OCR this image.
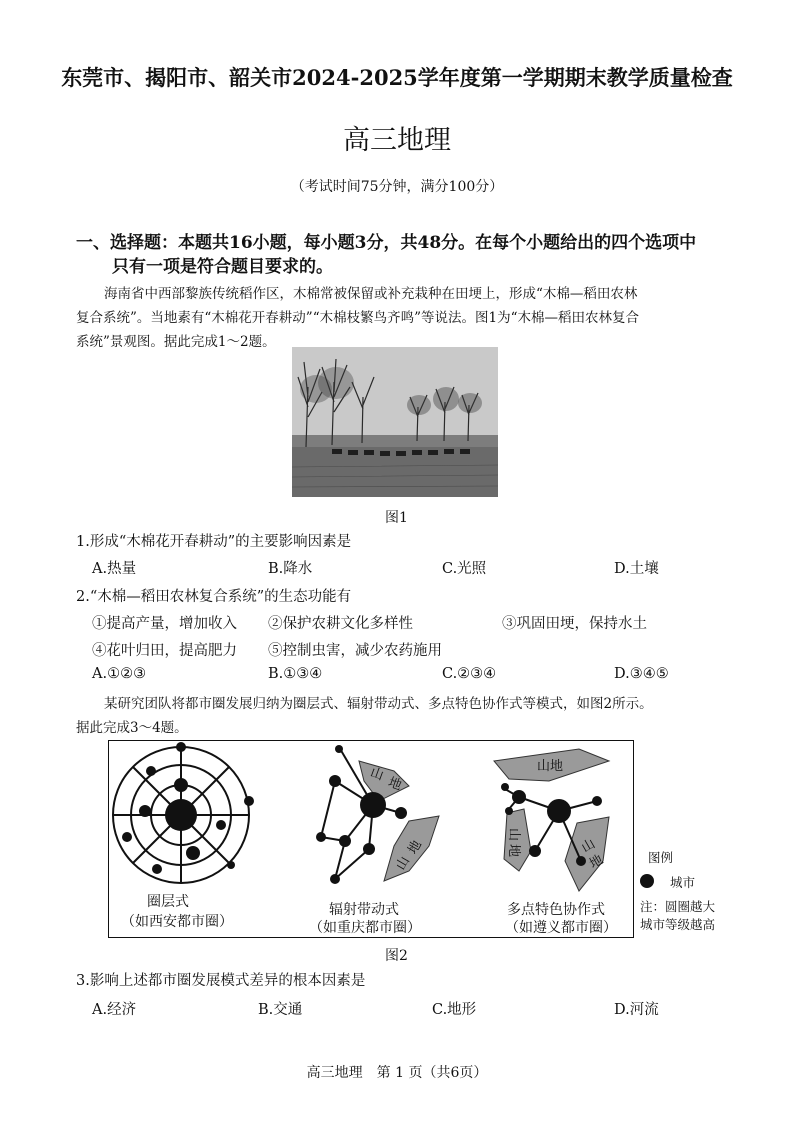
东莞市、揭阳市、韶关市2024-2025学年度第一学期期末教学质量检查
高三地理
（考试时间75分钟，满分100分）
一、选择题：本题共16小题，每小题3分，共48分。在每个小题给出的四个选项中
只有一项是符合题目要求的。
海南省中西部黎族传统稻作区，木棉常被保留或补充栽种在田埂上，形成“木棉—稻田农林
复合系统”。当地素有“木棉花开春耕动”“木棉枝繁鸟齐鸣”等说法。图1为“木棉—稻田农林复合
系统”景观图。据此完成1～2题。
图1
1.形成“木棉花开春耕动”的主要影响因素是
A.热量	B.降水	C.光照	D.土壤
2.“木棉—稻田农林复合系统”的生态功能有
①提高产量，增加收入 ②保护农耕文化多样性	③巩固田埂，保持水土
④花叶归田，提高肥力 ⑤控制虫害，减少农药施用
A.①②③	B.①③④	C.②③④	D.③④⑤
某研究团队将都市圈发展归纳为圈层式、辐射带动式、多点特色协作式等模式，如图2所示。
据此完成3～4题。
山
地
山
地
山地
山
地	山
地
圈层式
（如西安都市圈）
辐射带动式
（如重庆都市圈）
多点特色协作式
（如遵义都市圈）
图例
城市
注：圆圈越大
城市等级越高
图2
3.影响上述都市圈发展模式差异的根本因素是
A.经济	B.交通	C.地形	D.河流
高三地理　第 1 页（共6页）
